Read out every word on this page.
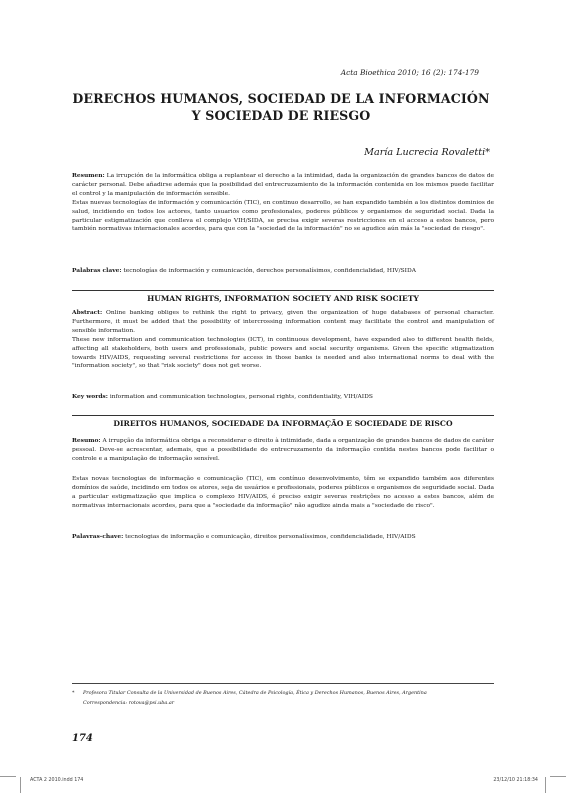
Acta Bioethica 2010; 16 (2): 174-179
DERECHOS HUMANOS, SOCIEDAD DE LA INFORMACIÓN Y SOCIEDAD DE RIESGO
María Lucrecia Rovaletti*

Resumen: La irrupción de la informática obliga a replantear el derecho a la intimidad, dada la organización de grandes bancos de datos de carácter personal. Debe añadirse además que la posibilidad del entrecruzamiento de la información contenida en los mismos puede facilitar el control y la manipulación de información sensible.

Estas nuevas tecnologías de información y comunicación (TIC), en continuo desarrollo, se han expandido también a los distintos dominios de salud, incidiendo en todos los actores, tanto usuarios como profesionales, poderes públicos y organismos de seguridad social. Dada la particular estigmatización que conlleva el complejo VIH/SIDA, se precisa exigir severas restricciones en el acceso a estos bancos, pero también normativas internacionales acordes, para que con la "sociedad de la información" no se agudice aún más la "sociedad de riesgo".

Palabras clave: tecnologías de información y comunicación, derechos personalísimos, confidencialidad, HIV/SIDA

HUMAN RIGHTS, INFORMATION SOCIETY AND RISK SOCIETY

Abstract: Online banking obliges to rethink the right to privacy, given the organization of huge databases of personal character. Furthermore, it must be added that the possibility of intercrossing information content may facilitate the control and manipulation of sensible information.

These new information and communication technologies (ICT), in continuous development, have expanded also to different health fields, affecting all stakeholders, both users and professionals, public powers and social security organisms. Given the specific stigmatization towards HIV/AIDS, requesting several restrictions for access in those banks is needed and also international norms to deal with the "information society", so that "risk society" does not get worse.

Key words: information and communication technologies, personal rights, confidentiality, VIH/AIDS

DIREITOS HUMANOS, SOCIEDADE DA INFORMAÇÃO E SOCIEDADE DE RISCO

Resumo: A irrupção da informática obriga a reconsiderar o direito à intimidade, dada a organização de grandes bancos de dados de caráter pessoal. Deve-se acrescentar, ademais, que a possibilidade do entrecruzamento da informação contida nestes bancos pode facilitar o controle e a manipulação de informação sensível.

Estas novas tecnologias de informação e comunicação (TIC), em contínuo desenvolvimento, têm se expandido também aos diferentes domínios de saúde, incidindo em todos os atores, seja de usuários e profissionais, poderes públicos e organismos de seguridade social. Dada a particular estigmatização que implica o complexo HIV/AIDS, é preciso exigir severas restrições no acesso a estes bancos, além de normativas internacionais acordes, para que a "sociedade da informação" não agudize ainda mais a "sociedade de risco".

Palavras-chave: tecnologias de informação e comunicação, direitos personalíssimos, confidencialidade, HIV/AIDS

* Profesora Titular Consulta de la Universidad de Buenos Aires, Cátedra de Psicología, Ética y Derechos Humanos, Buenos Aires, Argentina
Correspondencia: rotova@psi.uba.ar
174
ACTA 2 2010.indd 174	23/12/10 21:18:34
